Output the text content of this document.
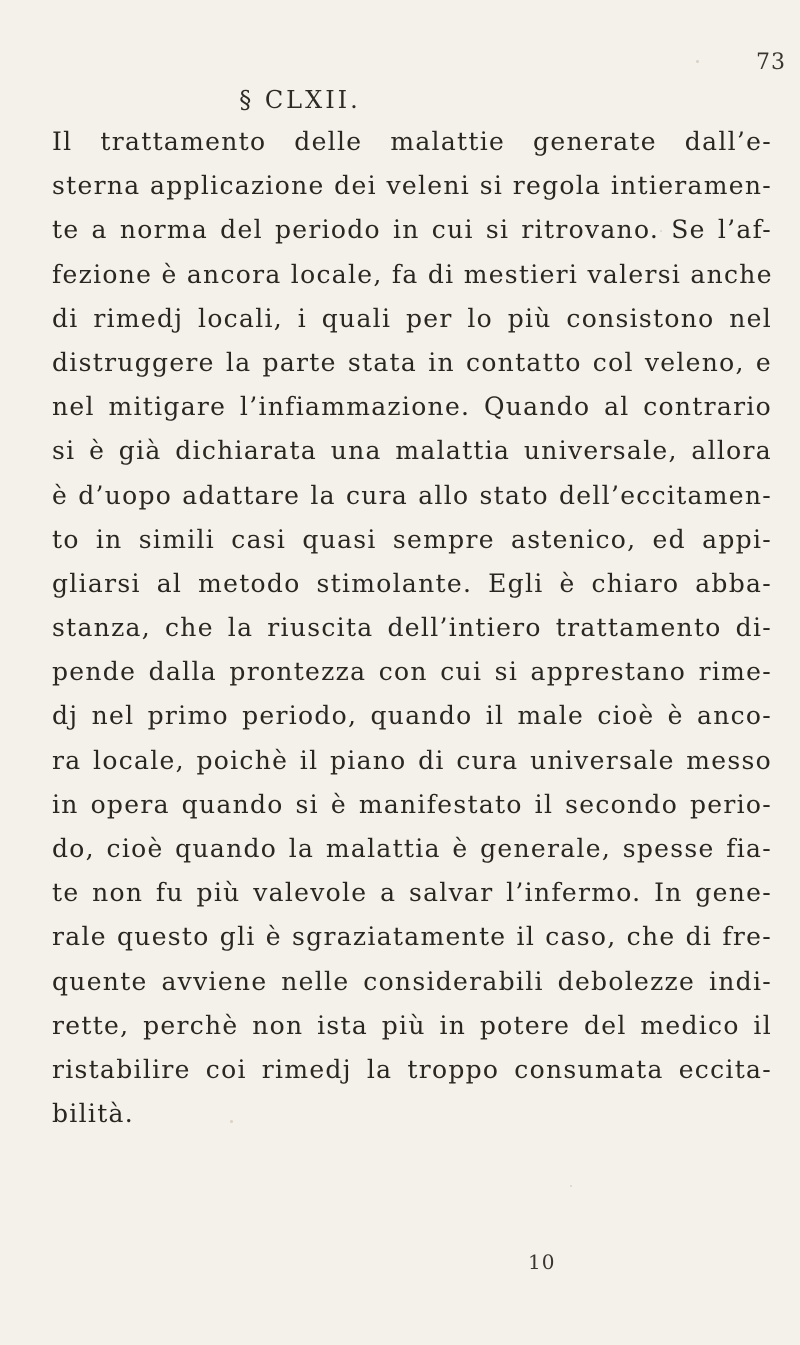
73
§ CLXII.
Il trattamento delle malattie generate dall’e-
sterna applicazione dei veleni si regola intieramen-
te a norma del periodo in cui si ritrovano. Se l’af-
fezione è ancora locale, fa di mestieri valersi anche
di rimedj locali, i quali per lo più consistono nel
distruggere la parte stata in contatto col veleno, e
nel mitigare l’infiammazione. Quando al contrario
si è già dichiarata una malattia universale, allora
è d’uopo adattare la cura allo stato dell’eccitamen-
to in simili casi quasi sempre astenico, ed appi-
gliarsi al metodo stimolante. Egli è chiaro abba-
stanza, che la riuscita dell’intiero trattamento di-
pende dalla prontezza con cui si apprestano rime-
dj nel primo periodo, quando il male cioè è anco-
ra locale, poichè il piano di cura universale messo
in opera quando si è manifestato il secondo perio-
do, cioè quando la malattia è generale, spesse fia-
te non fu più valevole a salvar l’infermo. In gene-
rale questo gli è sgraziatamente il caso, che di fre-
quente avviene nelle considerabili debolezze indi-
rette, perchè non ista più in potere del medico il
ristabilire coi rimedj la troppo consumata eccita-
bilità.
10
